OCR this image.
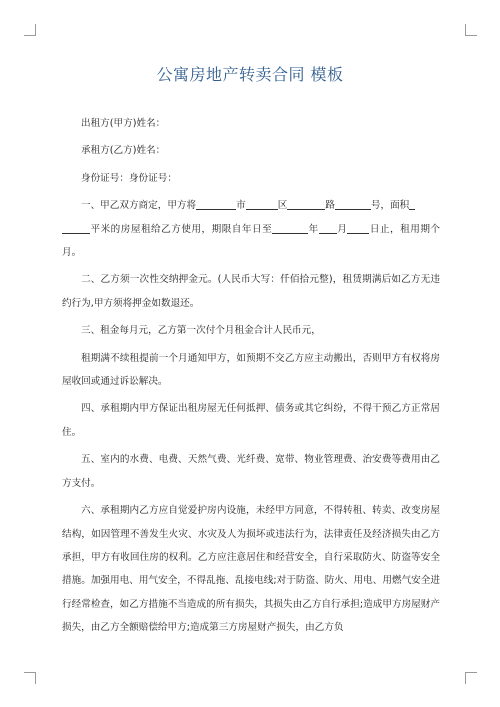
公寓房地产转卖合同 模板

出租方(甲方)姓名：

承租方(乙方)姓名：

身份证号：身份证号：

一、甲乙双方商定，甲方将	市	区	路	号，面积
平米的房屋租给乙方使用，期限自年日至	年 月 日止，租用期个月。

二、乙方须一次性交纳押金元。(人民币大写：仟佰拾元整)，租赁期满后如乙方无违约行为,甲方须将押金如数退还。

三、租金每月元，乙方第一次付个月租金合计人民币元，

租期满不续租提前一个月通知甲方，如预期不交乙方应主动搬出，否则甲方有权将房屋收回或通过诉讼解决。

四、承租期内甲方保证出租房屋无任何抵押、债务或其它纠纷，不得干预乙方正常居住。

五、室内的水费、电费、天然气费、光纤费、宽带、物业管理费、治安费等费用由乙方支付。

六、承租期内乙方应自觉爱护房内设施，未经甲方同意，不得转租、转卖、改变房屋结构，如因管理不善发生火灾、水灾及人为损坏或违法行为，法律责任及经济损失由乙方承担，甲方有收回住房的权利。乙方应注意居住和经营安全，自行采取防火、防盗等安全措施。加强用电、用气安全，不得乱拖、乱接电线;对于防盗、防火、用电、用燃气安全进行经常检查，如乙方措施不当造成的所有损失，其损失由乙方自行承担;造成甲方房屋财产损失，由乙方全额赔偿给甲方;造成第三方房屋财产损失，由乙方负
